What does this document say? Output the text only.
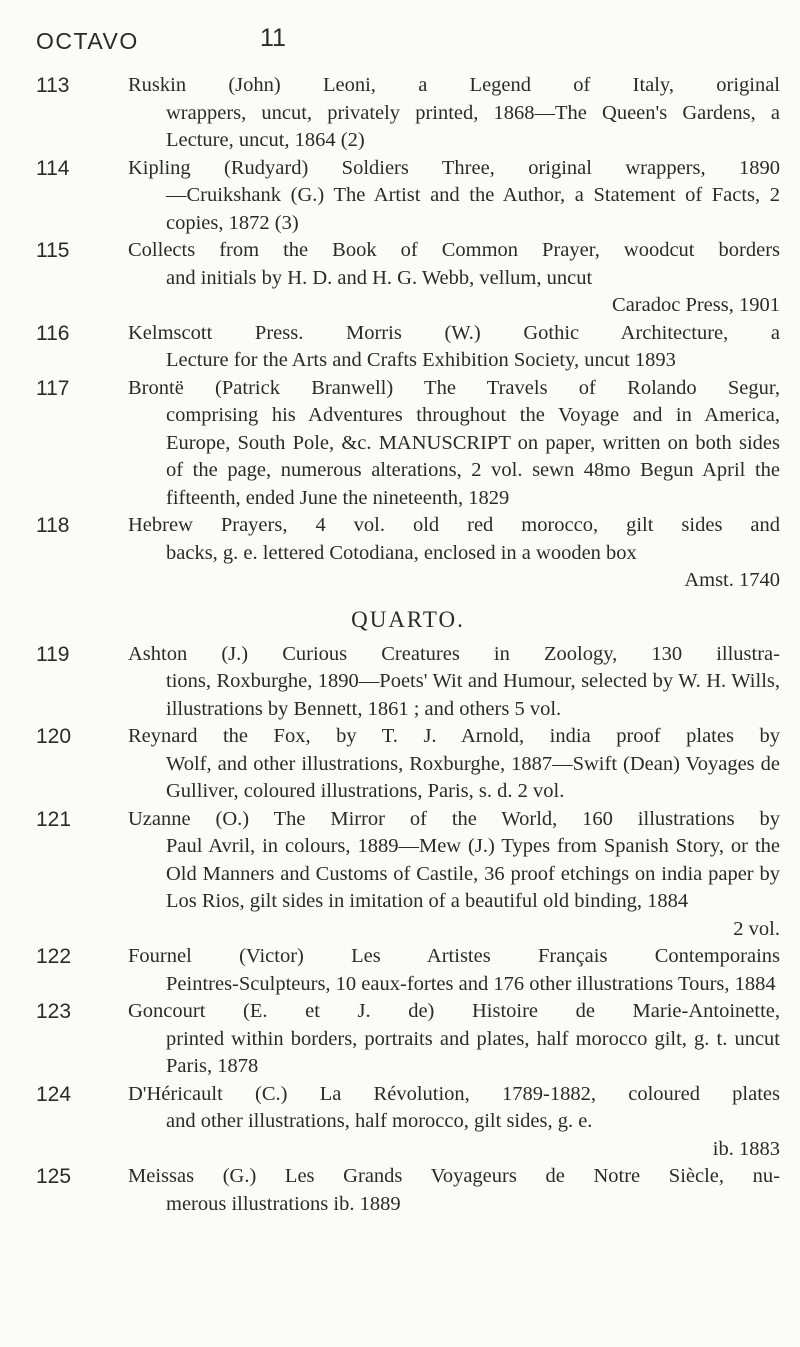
OCTAVO	11
113	Ruskin (John) Leoni, a Legend of Italy, original
wrappers, uncut, privately printed, 1868—The Queen's Gardens, a Lecture, uncut, 1864 (2)
114	Kipling (Rudyard) Soldiers Three, original wrappers, 1890
—Cruikshank (G.) The Artist and the Author, a Statement of Facts, 2 copies, 1872 (3)
115	Collects from the Book of Common Prayer, woodcut borders
and initials by H. D. and H. G. Webb, vellum, uncut
Caradoc Press, 1901
116	Kelmscott Press. Morris (W.) Gothic Architecture, a
Lecture for the Arts and Crafts Exhibition Society, uncut 1893
117	Brontë (Patrick Branwell) The Travels of Rolando Segur,
comprising his Adventures throughout the Voyage and in America, Europe, South Pole, &c. MANUSCRIPT on paper, written on both sides of the page, numerous alterations, 2 vol. sewn 48mo Begun April the fifteenth, ended June the nineteenth, 1829
118	Hebrew Prayers, 4 vol. old red morocco, gilt sides and
backs, g. e. lettered Cotodiana, enclosed in a wooden box
Amst. 1740
QUARTO.
119	Ashton (J.) Curious Creatures in Zoology, 130 illustra-
tions, Roxburghe, 1890—Poets' Wit and Humour, selected by W. H. Wills, illustrations by Bennett, 1861 ; and others 5 vol.
120	Reynard the Fox, by T. J. Arnold, india proof plates by
Wolf, and other illustrations, Roxburghe, 1887—Swift (Dean) Voyages de Gulliver, coloured illustrations, Paris, s. d. 2 vol.
121	Uzanne (O.) The Mirror of the World, 160 illustrations by
Paul Avril, in colours, 1889—Mew (J.) Types from Spanish Story, or the Old Manners and Customs of Castile, 36 proof etchings on india paper by Los Rios, gilt sides in imitation of a beautiful old binding, 1884
2 vol.
122	Fournel (Victor) Les Artistes Français Contemporains
Peintres-Sculpteurs, 10 eaux-fortes and 176 other illustrations Tours, 1884
123	Goncourt (E. et J. de) Histoire de Marie-Antoinette,
printed within borders, portraits and plates, half morocco gilt, g. t. uncut Paris, 1878
124	D'Héricault (C.) La Révolution, 1789-1882, coloured plates
and other illustrations, half morocco, gilt sides, g. e.
ib. 1883
125	Meissas (G.) Les Grands Voyageurs de Notre Siècle, nu-
merous illustrations ib. 1889
